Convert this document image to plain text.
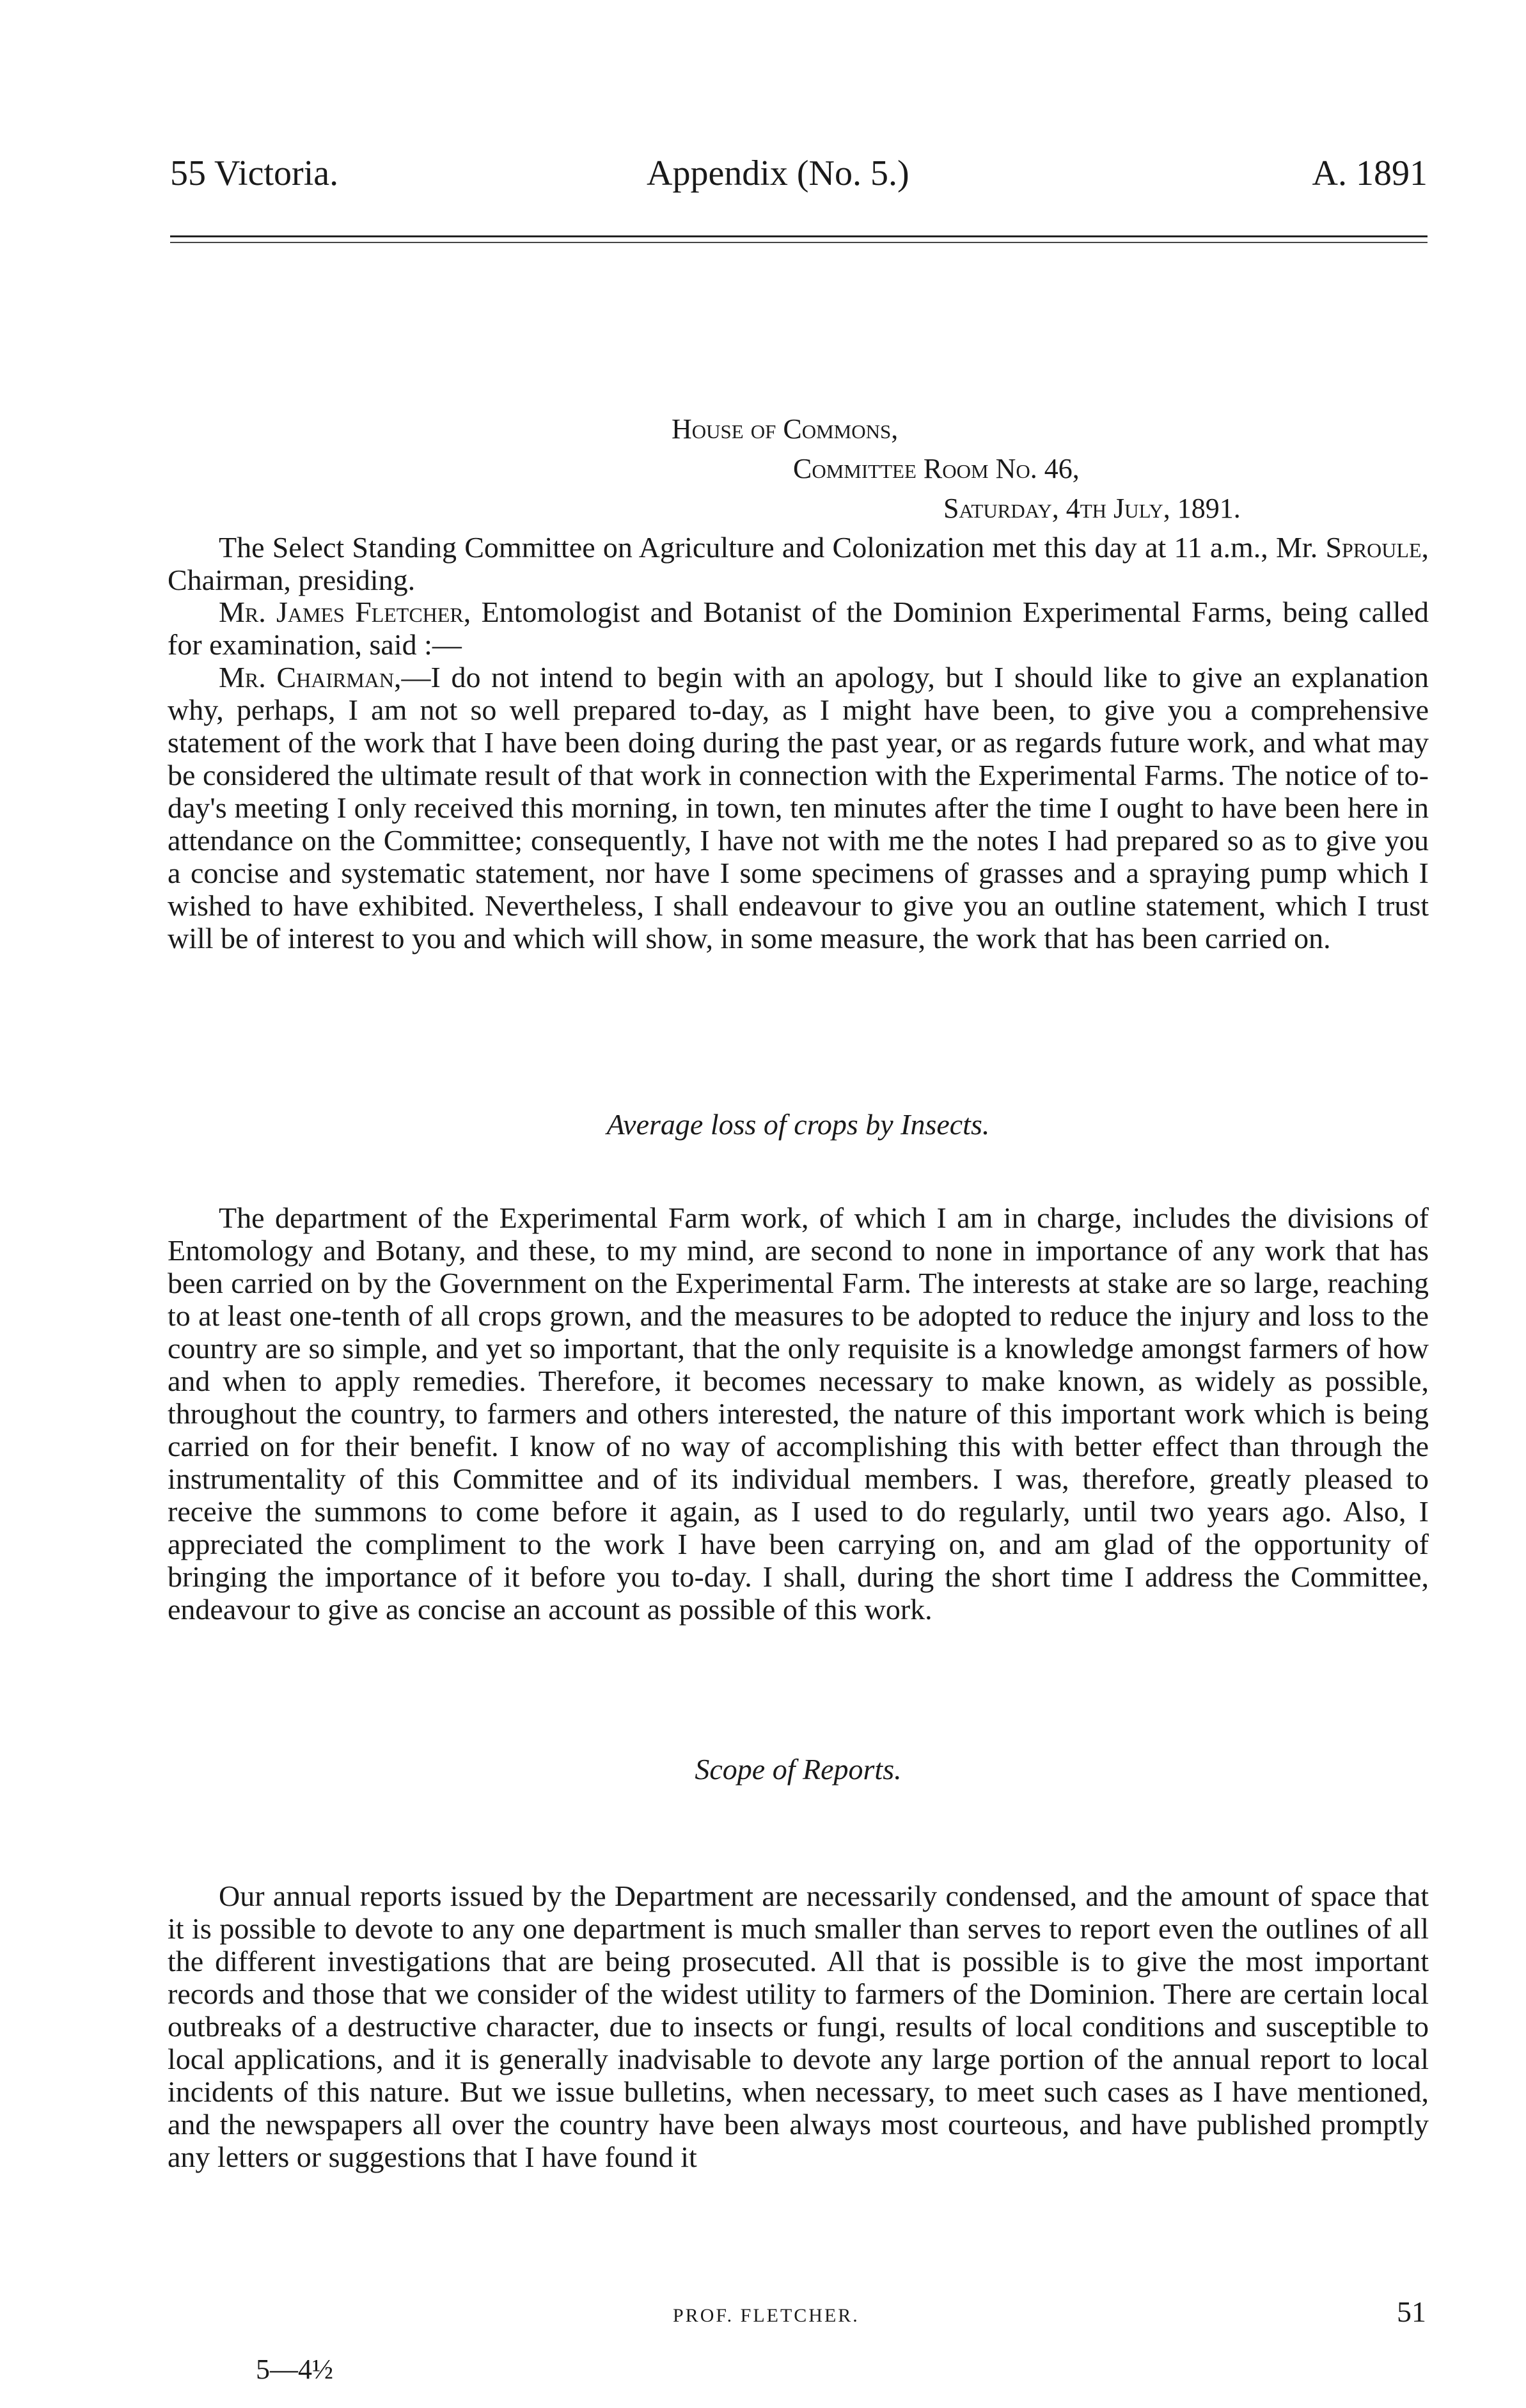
55 Victoria.	Appendix (No. 5.)	A. 1891
House of Commons,
Committee Room No. 46,
Saturday, 4th July, 1891.

The Select Standing Committee on Agriculture and Colonization met this day at 11 a.m., Mr. Sproule, Chairman, presiding.

Mr. James Fletcher, Entomologist and Botanist of the Dominion Experimental Farms, being called for examination, said :—

Mr. Chairman,—I do not intend to begin with an apology, but I should like to give an explanation why, perhaps, I am not so well prepared to-day, as I might have been, to give you a comprehensive statement of the work that I have been doing during the past year, or as regards future work, and what may be considered the ultimate result of that work in connection with the Experimental Farms. The notice of to-day's meeting I only received this morning, in town, ten minutes after the time I ought to have been here in attendance on the Committee; consequently, I have not with me the notes I had prepared so as to give you a concise and systematic statement, nor have I some specimens of grasses and a spraying pump which I wished to have exhibited. Nevertheless, I shall endeavour to give you an outline statement, which I trust will be of interest to you and which will show, in some measure, the work that has been carried on.

Average loss of crops by Insects.

The department of the Experimental Farm work, of which I am in charge, includes the divisions of Entomology and Botany, and these, to my mind, are second to none in importance of any work that has been carried on by the Government on the Experimental Farm. The interests at stake are so large, reaching to at least one-tenth of all crops grown, and the measures to be adopted to reduce the injury and loss to the country are so simple, and yet so important, that the only requisite is a knowledge amongst farmers of how and when to apply remedies. Therefore, it becomes necessary to make known, as widely as possible, throughout the country, to farmers and others interested, the nature of this important work which is being carried on for their benefit. I know of no way of accomplishing this with better effect than through the instrumentality of this Committee and of its individual members. I was, therefore, greatly pleased to receive the summons to come before it again, as I used to do regularly, until two years ago. Also, I appreciated the compliment to the work I have been carrying on, and am glad of the opportunity of bringing the importance of it before you to-day. I shall, during the short time I address the Committee, endeavour to give as concise an account as possible of this work.

Scope of Reports.

Our annual reports issued by the Department are necessarily condensed, and the amount of space that it is possible to devote to any one department is much smaller than serves to report even the outlines of all the different investigations that are being prosecuted. All that is possible is to give the most important records and those that we consider of the widest utility to farmers of the Dominion. There are certain local outbreaks of a destructive character, due to insects or fungi, results of local conditions and susceptible to local applications, and it is generally inadvisable to devote any large portion of the annual report to local incidents of this nature. But we issue bulletins, when necessary, to meet such cases as I have mentioned, and the newspapers all over the country have been always most courteous, and have published promptly any letters or suggestions that I have found it

PROF. FLETCHER.	51
5—4½
